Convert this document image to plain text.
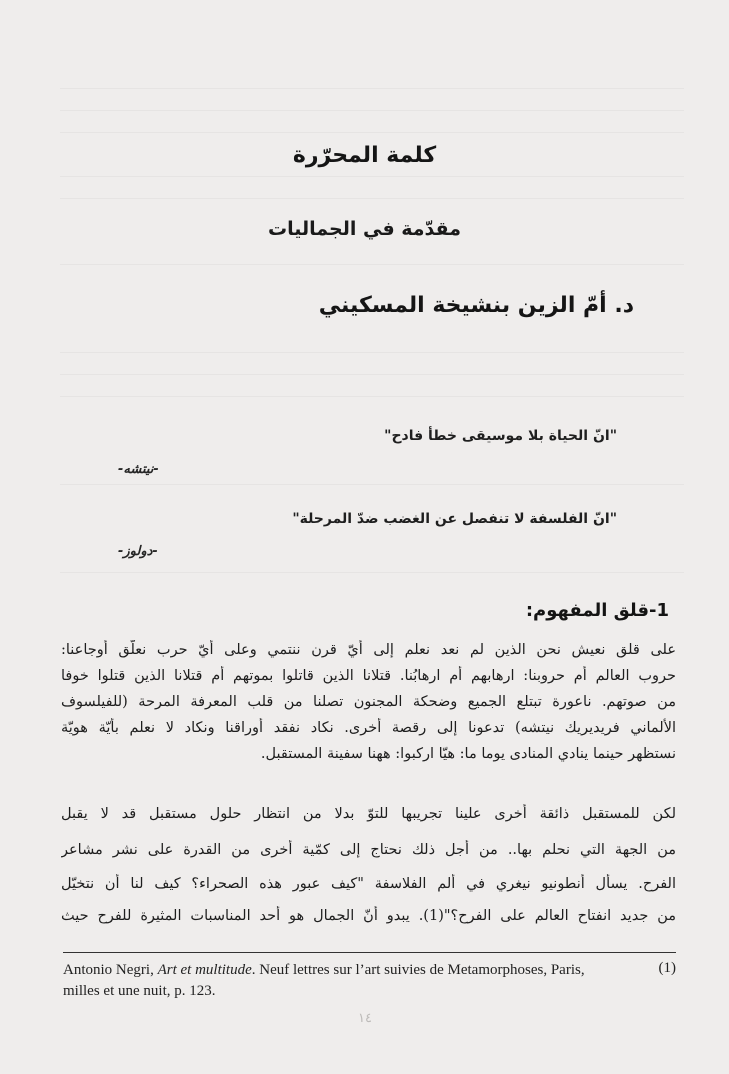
كلمة المحرّرة
مقدّمة في الجماليات
د. أمّ الزين بنشيخة المسكيني
"انّ الحياة بلا موسيقى خطأ فادح"
-نيتشه-
"انّ الفلسفة لا تنفصل عن الغضب ضدّ المرحلة"
-دولوز-
1-قلق المفهوم:
على قلق نعيش نحن الذين لم نعد نعلم إلى أيّ قرن ننتمي وعلى أيّ حرب نعلّق أوجاعنا:
حروب العالم أم حروبنا: ارهابهم أم ارهابُنا. قتلانا الذين قاتلوا بموتهم أم قتلانا الذين قتلوا خوفا
من صوتهم. ناعورة تبتلع الجميع وضحكة المجنون تصلنا من قلب المعرفة المرحة (للفيلسوف
الألماني فريديريك نيتشه) تدعونا إلى رقصة أخرى. نكاد نفقد أوراقنا ونكاد لا نعلم بأيّة هويّة
نستظهر حينما ينادي المنادى يوما ما: هيّا اركبوا: ههنا سفينة المستقبل.
لكن للمستقبل ذائقة أخرى علينا تجريبها للتوّ بدلا من انتظار حلول مستقبل قد لا يقبل
من الجهة التي نحلم بها.. من أجل ذلك نحتاج إلى كمّية أخرى من القدرة على نشر مشاعر
الفرح. يسأل أنطونيو نيغري في ألم الفلاسفة "كيف عبور هذه الصحراء؟ كيف لنا أن نتخيّل
من جديد انفتاح العالم على الفرح؟"(1). يبدو أنّ الجمال هو أحد المناسبات المثيرة للفرح حيث
Antonio Negri, Art et multitude. Neuf lettres sur l’art suivies de Metamorphoses, Paris, milles et une nuit, p. 123.
(1)
١٤
